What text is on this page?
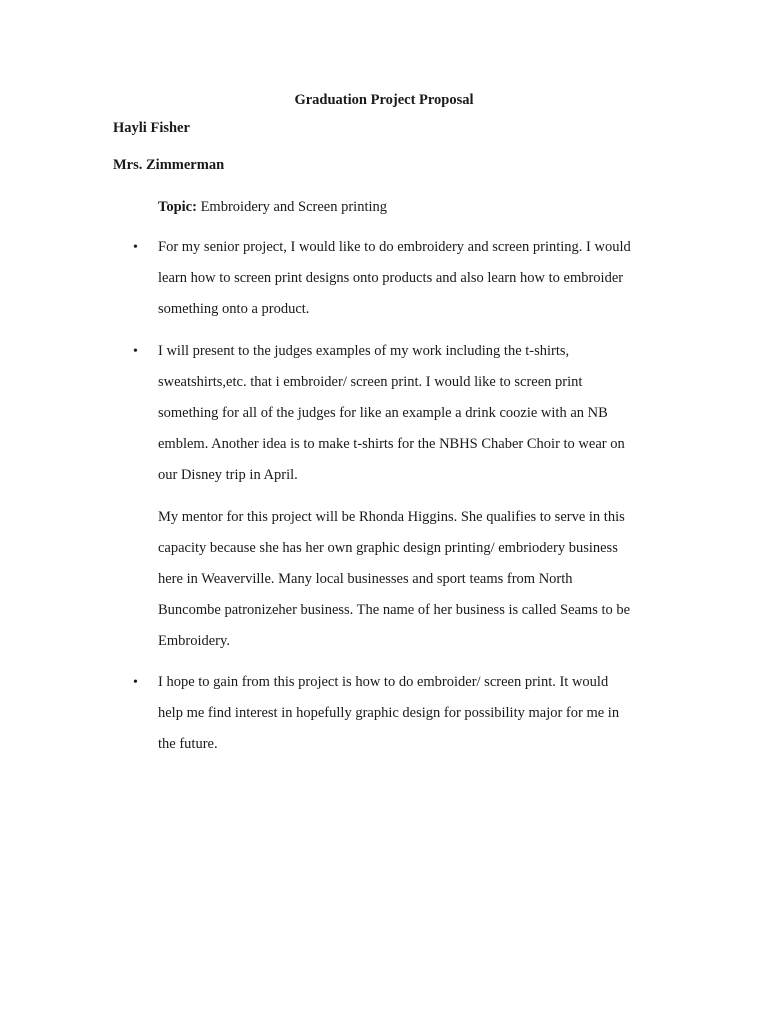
Graduation Project Proposal
Hayli Fisher
Mrs. Zimmerman
Topic: Embroidery and Screen printing
• For my senior project, I would like to do embroidery and screen printing. I would
learn how to screen print designs onto products and also learn how to embroider
something onto a product.
• I will present to the judges examples of my work including the t-shirts,
sweatshirts,etc. that i embroider/ screen print. I would like to screen print
something for all of the judges for like an example a drink coozie with an NB
emblem. Another idea is to make t-shirts for the NBHS Chaber Choir to wear on
our Disney trip in April.
My mentor for this project will be Rhonda Higgins. She qualifies to serve in this
capacity because she has her own graphic design printing/ embriodery business
here in Weaverville. Many local businesses and sport teams from North
Buncombe patronizeher business. The name of her business is called Seams to be
Embroidery.
• I hope to gain from this project is how to do embroider/ screen print. It would
help me find interest in hopefully graphic design for possibility major for me in
the future.
